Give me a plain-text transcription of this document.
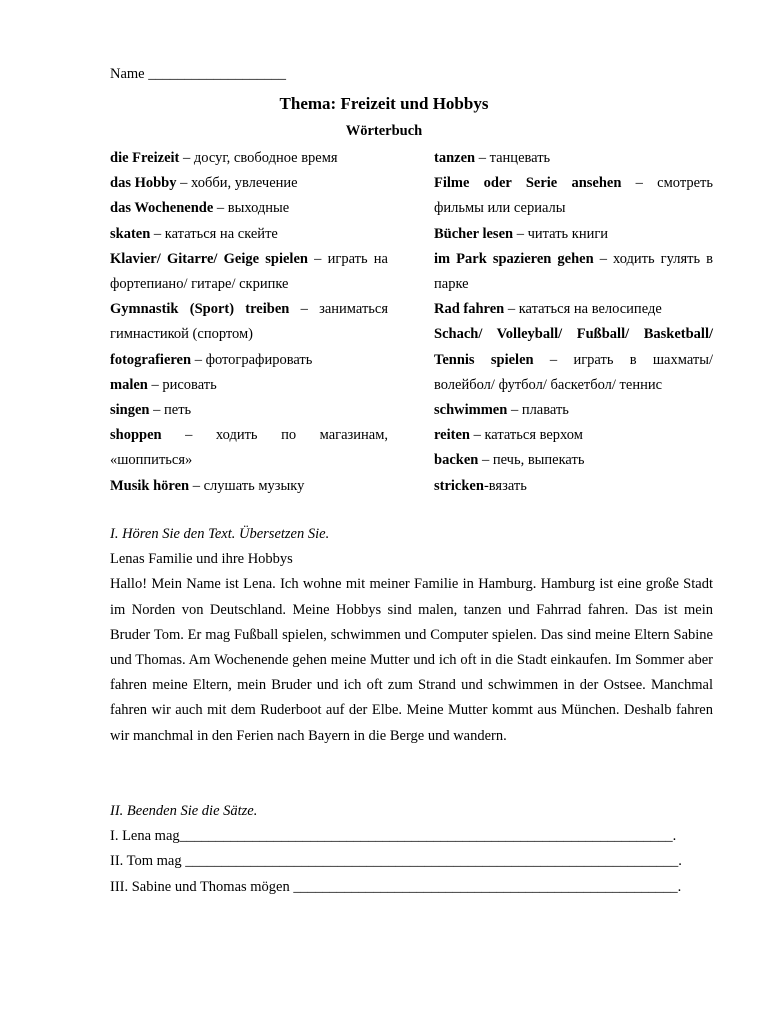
Name ___________________
Thema: Freizeit und Hobbys
Wörterbuch
die Freizeit – досуг, свободное время
das Hobby – хобби, увлечение
das Wochenende – выходные
skaten – кататься на скейте
Klavier/ Gitarre/ Geige spielen – играть на фортепиано/ гитаре/ скрипке
Gymnastik (Sport) treiben – заниматься гимнастикой (спортом)
fotografieren – фотографировать
malen – рисовать
singen – петь
shoppen – ходить по магазинам, «шоппиться»
Musik hören – слушать музыку
tanzen – танцевать
Filme oder Serie ansehen – смотреть фильмы или сериалы
Bücher lesen – читать книги
im Park spazieren gehen – ходить гулять в парке
Rad fahren – кататься на велосипеде
Schach/ Volleyball/ Fußball/ Basketball/ Tennis spielen – играть в шахматы/ волейбол/ футбол/ баскетбол/ теннис
schwimmen – плавать
reiten – кататься верхом
backen – печь, выпекать
stricken-вязать
I. Hören Sie den Text. Übersetzen Sie.
Lenas Familie und ihre Hobbys
Hallo! Mein Name ist Lena. Ich wohne mit meiner Familie in Hamburg. Hamburg ist eine große Stadt im Norden von Deutschland. Meine Hobbys sind malen, tanzen und Fahrrad fahren. Das ist mein Bruder Tom. Er mag Fußball spielen, schwimmen und Computer spielen. Das sind meine Eltern Sabine und Thomas. Am Wochenende gehen meine Mutter und ich oft in die Stadt einkaufen. Im Sommer aber fahren meine Eltern, mein Bruder und ich oft zum Strand und schwimmen in der Ostsee. Manchmal fahren wir auch mit dem Ruderboot auf der Elbe. Meine Mutter kommt aus München. Deshalb fahren wir manchmal in den Ferien nach Bayern in die Berge und wandern.
II. Beenden Sie die Sätze.
I. Lena mag____________________________________________________________________.
II. Tom mag ____________________________________________________________________.
III. Sabine und Thomas mögen _____________________________________________________.
